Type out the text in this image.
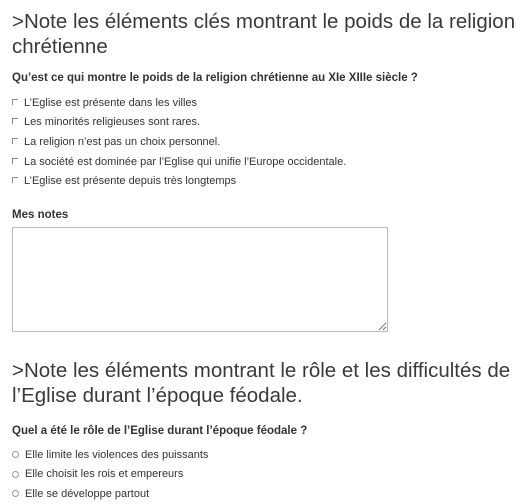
>Note les éléments clés montrant le poids de la religion chrétienne
Qu’est ce qui montre le poids de la religion chrétienne au XIe XIIIe siècle ?
L’Eglise est présente dans les villes
Les minorités religieuses sont rares.
La religion n’est pas un choix personnel.
La société est dominée par l’Eglise qui unifie l’Europe occidentale.
L’Eglise est présente depuis très longtemps
Mes notes
>Note les éléments montrant le rôle et les difficultés de l’Eglise durant l’époque féodale.
Quel a été le rôle de l’Eglise durant l’époque féodale ?
Elle limite les violences des puissants
Elle choisit les rois et empereurs
Elle se développe partout
